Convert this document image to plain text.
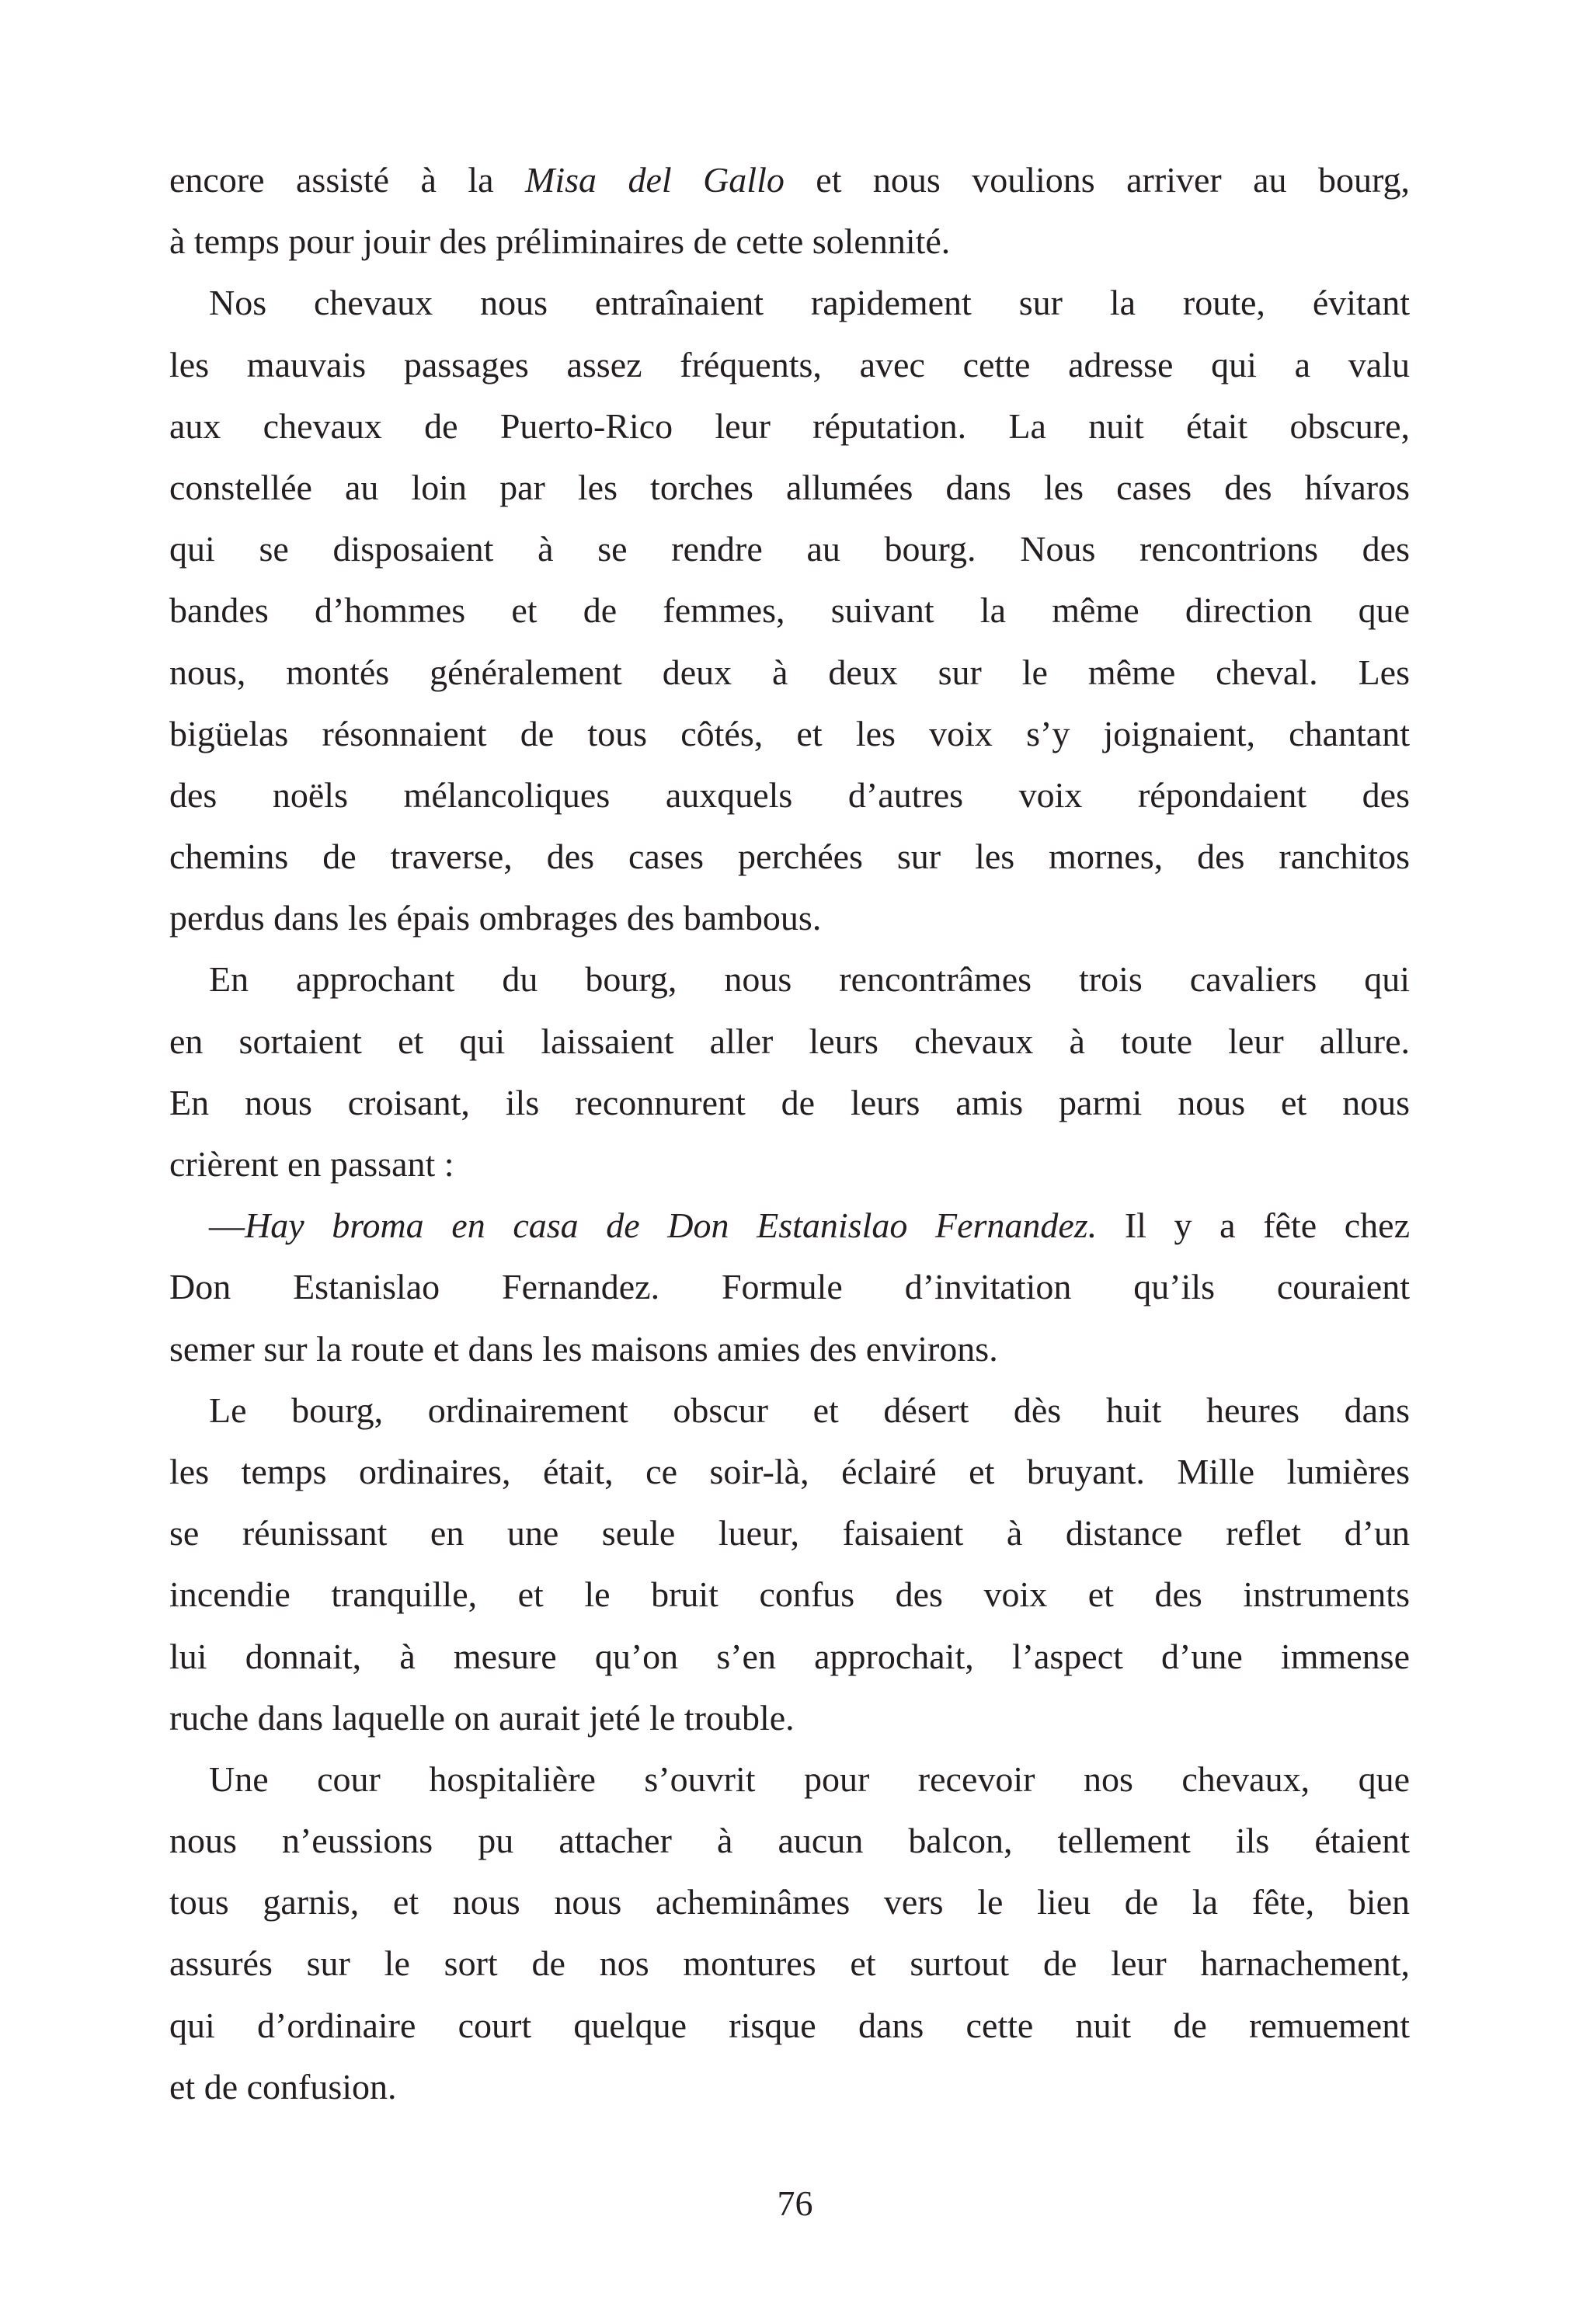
encore assisté à la Misa del Gallo et nous voulions arriver au bourg,
à temps pour jouir des préliminaires de cette solennité.
Nos chevaux nous entraînaient rapidement sur la route, évitant
les mauvais passages assez fréquents, avec cette adresse qui a valu
aux chevaux de Puerto-Rico leur réputation. La nuit était obscure,
constellée au loin par les torches allumées dans les cases des hívaros
qui se disposaient à se rendre au bourg. Nous rencontrions des
bandes d’hommes et de femmes, suivant la même direction que
nous, montés généralement deux à deux sur le même cheval. Les
bigüelas résonnaient de tous côtés, et les voix s’y joignaient, chantant
des noëls mélancoliques auxquels d’autres voix répondaient des
chemins de traverse, des cases perchées sur les mornes, des ranchitos
perdus dans les épais ombrages des bambous.
En approchant du bourg, nous rencontrâmes trois cavaliers qui
en sortaient et qui laissaient aller leurs chevaux à toute leur allure.
En nous croisant, ils reconnurent de leurs amis parmi nous et nous
crièrent en passant :
—Hay broma en casa de Don Estanislao Fernandez. Il y a fête chez
Don Estanislao Fernandez. Formule d’invitation qu’ils couraient
semer sur la route et dans les maisons amies des environs.
Le bourg, ordinairement obscur et désert dès huit heures dans
les temps ordinaires, était, ce soir-là, éclairé et bruyant. Mille lumières
se réunissant en une seule lueur, faisaient à distance reflet d’un
incendie tranquille, et le bruit confus des voix et des instruments
lui donnait, à mesure qu’on s’en approchait, l’aspect d’une immense
ruche dans laquelle on aurait jeté le trouble.
Une cour hospitalière s’ouvrit pour recevoir nos chevaux, que
nous n’eussions pu attacher à aucun balcon, tellement ils étaient
tous garnis, et nous nous acheminâmes vers le lieu de la fête, bien
assurés sur le sort de nos montures et surtout de leur harnachement,
qui d’ordinaire court quelque risque dans cette nuit de remuement
et de confusion.
76
